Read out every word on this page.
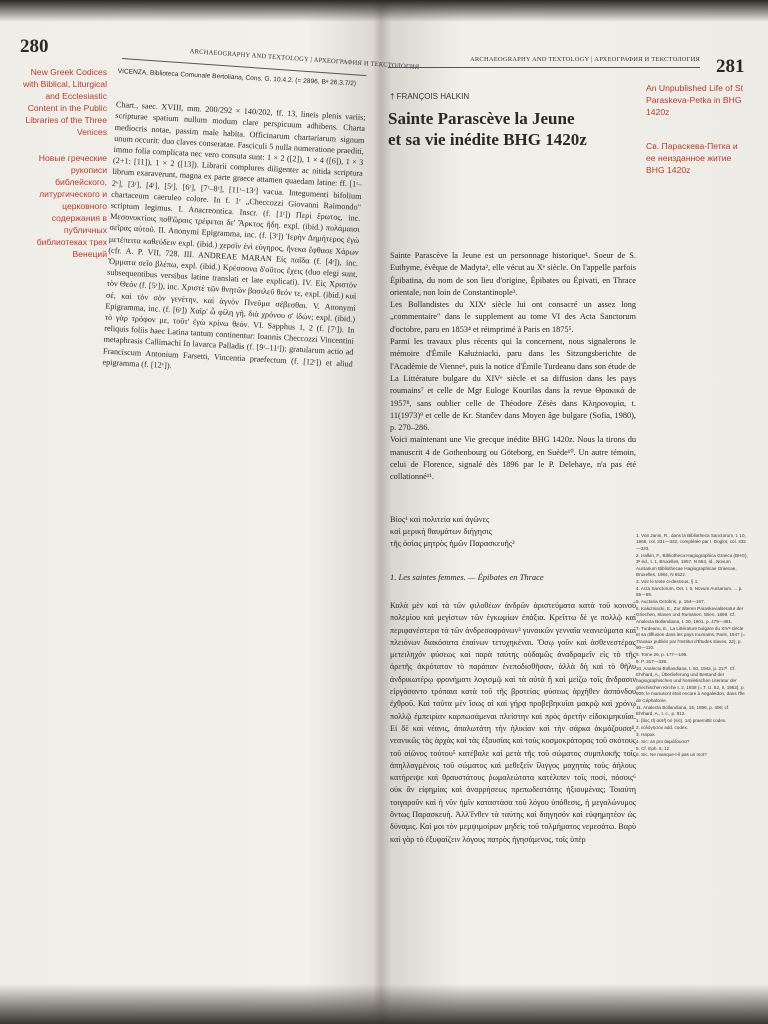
280
ARCHAEOGRAPHY AND TEXTOLOGY | АРХЕОГРАФИЯ И ТЕКСТОЛОГИЯ
New Greek Codices with Biblical, Liturgical and Ecclesiastic Content in the Public Libraries of the Three Venices
Новые греческие рукописи библейского, литургического и церковного содержания в публичных библиотеках трех Венеций
VICENZA, Biblioteca Comunale Bertoliana, Cons. G. 10.4.2. (= 2896, Bᵊ 26.3.7/2)

Chart., saec. XVIII, mm. 200/292 × 140/202, ff. 13, lineis plenis variis; scripturae spatium nullum modum clare perspicuum adhibens. Charta mediocris notae, passim male habita. Officinarum chartariarum signum unum occurit: duo claves conseratae. Fasciculi 5 nulla numeratione praediti, immo folia complicata nec vero consuta sunt: 1 × 2 ([2]), 1 × 4 ([6]), 1 × 3 (2+1: [11]), 1 × 2 ([13]). Librarii complures diligenter ac nitida scriptura librum exaraverunt, magna ex parte graece attamen quaedam latine: ff. [1ʳ–2ᵛ], [3ʳ], [4ʳ], [5ʳ], [6ʳ], [7ʳ–8ʳ], [11ʳ–13ʳ] vacua. Integumenti bifolium chartaceum caeruleo colore. In f. 1ʳ „Checcozzi Giovanni Raimondo" scriptum legimus. I. Anacreontica. Inscr. (f. [1ʳ]) Περὶ ἔρωτος, inc. Μεσονυκτίοις ποθ'ὥραις τρέφεται δε' Ἄρκτος ἤδη. expl. (ibid.) πυλάμαισι σεῖρας αὐτοῦ. II. Anonymi Epigramma, inc. (f. [3ʳ]) Ἱερὴν Δημήτερος ἐγὼ μετέπειτα καθεύδειν expl. (ibid.) χερσὶν ἐνὶ εὐγηρος, ἤνεκα ἔφθασε Χάρων (cfr. A. P. VII, 728. III. ANDREAE MARAN Εἰς παῖδα (f. [4ʳ]), inc. Ὄμματα σεῖο βλέπω, expl. (ibid.) Κρέσσονα δ'οὔτος ἔχεις (duo elegi sunt, subsequentibus versibus latine translati et late explicati). IV. Εἰς Χριστὸν τὸν Θεόν (f. [5ʳ]), inc. Χριστὲ τῶν θνητῶν βασιλεῦ θεόν τε, expl. (ibid.) καὶ σέ, καὶ τὸν σὸν γενέτην, καὶ ἁγνὸν Πνεῦμα σέβεσθαι. V. Anonymi Epigramma, inc. (f. [6ʳ]) Χαῖρ' ὦ φίλη γῆ, διὰ χρόνου σ' ἰδών; expl. (ibid.) τὸ γὰρ τρόφον με, τοῦτ' ἐγὼ κρίνω θεόν. VI. Sapphus 1, 2 (f. [7ʳ]). In reliquis foliis haec Latina tantum continentur: Ioannis Checcozzi Vincentini metaphrasis Callimachi In lavarca Palladis (f. [9ʳ–11ʳ]); gratularum actio ad Franciscum Antonium Farsetti, Vincentia praefectum (f. [12ʳ]) et aliud epigramma (f. [12ᵛ]).

281
ARCHAEOGRAPHY AND TEXTOLOGY | АРХЕОГРАФИЯ И ТЕКСТОЛОГИЯ
An Unpublished Life of St Paraskeva-Petka in BHG 1420z
Св. Параскева-Петка и ее неизданное житие BHG 1420z
† FRANÇOIS HALKIN
Sainte Parascève la Jeune
et sa vie inédite BHG 1420z

Sainte Parascève la Jeune est un personnage historique¹. Soeur de S. Euthyme, évêque de Madyta², elle vécut au Xᵉ siècle. On l'appelle parfois Épibatina, du nom de son lieu d'origine, Épibates ou Épivati, en Thrace orientale, non loin de Constantinople³.

Les Bollandistes du XIXᵉ siècle lui ont consacré un assez long „commentaire" dans le supplement au tome VI des Acta Sanctorum d'octobre, paru en 1853⁴ et réimprimé à Paris en 1875⁵.

Parmi les travaux plus récents qui la concernent, nous signalerons le mémoire d'Émile Kałużniacki, paru dans les Sitzungsberichte de l'Académie de Vienne⁶, puis la notice d'Émile Turdeanu dans son étude de La Littérature bulgare du XIVᵉ siècle et sa diffusion dans les pays roumains⁷ et celle de Mgr Euloge Kourilas dans la revue Θρακικά de 1957⁸, sans oublier celle de Théodore Zésès dans Κληρονομία, t. 11(1973)⁹ et celle de Kr. Stančev dans Moyen âge bulgare (Sofia, 1980), p. 270–286.

Voici maintenant une Vie grecque inédite BHG 1420z. Nous la tirons du manuscrit 4 de Gothenbourg ou Göteborg, en Suède¹⁰. Un autre témoin, celui de Florence, signalé dès 1896 par le P. Delehaye, n'a pas été collationné¹¹.

Βίος¹ καὶ πολιτεία καὶ ἀγῶνες
καὶ μερικὴ θαυμάτων διήγησις
τῆς ὁσίας μητρὸς ἡμῶν Παρασκευῆς²
1. Les saintes femmes. — Épibates en Thrace

Καλὰ μὲν καὶ τὰ τῶν φιλοθέων ἀνδρῶν ἀριστεύματα κατὰ τοῦ κοινοῦ πολεμίου καὶ μεγίστων τῶν ἐγκωμίων ἐπάξια. Κρεῖττω δὲ γε πολλῷ καὶ περιφανέστερα τὰ τῶν ἀνδρεσοφρόνων³ γυναικῶν γενναῖα νεανιεύματα καὶ πλειόνων διακόσατα ἐπαίνων τετυχηκέναι. Ὅσῳ γοῦν καὶ ἀσθενεστέρας μετειληχόν φύσεως καὶ παρὰ ταύτης οὐδαμῶς ἀναδραμεῖν εἰς τὸ τῆς ἀρετῆς ἀκρότατον τὸ παράπαν ἐνεποδισθῆσαν, ἀλλὰ δὴ καὶ τὸ θῆλυ ἀνδρικωτέρῳ φρονήματι λογισμῷ καὶ τὰ αὐτὰ ἢ καὶ μείζω τοῖς ἄνδρασιν εἰργάσαντο τρόπαια κατὰ τοῦ τῆς βροτείας φύσεως ἀρχήθεν ἀσπόνδου ἐχθροῦ. Καὶ ταῦτα μὲν ἴσως αἱ καὶ γήρᾳ προβεβηκυῖαι μακρῷ καὶ χρόνῳ πολλῷ ἐμπειρίαν καρπωσάμεναι πλείστην καὶ πρὸς ἀρετὴν εἰδοκιμηκυῖαι. Εἰ δὲ καὶ νέανις, ἀπαλωτάτη τὴν ἡλικίαν καὶ τὴν σάρκα ἀκμάζουσα⁴, νεανικῶς τὰς ἀρχὰς καὶ τὰς ἐξουσίας καὶ τοὺς κοσμοκράτορας τοῦ σκότους τοῦ αἰῶνος τούτου⁵ κατέβαλε καὶ μετὰ τῆς τοῦ σώματος συμπλοκῆς τοῖς ἀπηλλαγμένοις τοῦ σώματος καὶ μεθεξεῖν ἴλιγγος μαχητὰς τοὺς ἀήλους κατήρειψε καὶ θραυστάτους ῥωμαλεώτατα κατέλιπεν τοῖς ποσί, πόσοις⁶ οὐκ ἂν εἰφημίας καὶ ἀναρρήσεως πρεπωδεστάτης ἠξιουμένας; Τοιαύτη τοιγαροῦν καὶ ἡ νῦν ἡμῖν καταστάσα τοῦ λόγου ὑπόθεσις, ἡ μεγαλώνυμος ὄντως Παρασκευή. Ἀλλ'ἔνθεν τὰ ταύτης καὶ διηγησόν καὶ εὐφημητέον ὡς δύναμις. Καὶ μοι τὸν μεμψιμοίρων μηδεὶς τοῦ τολμήματος νεμεσάτω. Βαρὺ καὶ γὰρ τὸ ἐξυφαίζειν λόγους πατρὸς ἡγησάμενος, τοῖς ὑπὲρ

1. Voir Janin, R., dans la Bibliotheca Sanctorum, t. 10, 1968, col. 331—332, complétée par I. Doglot, col. 332—333.
2. Halkin, F., Bibliotheca Hagiographica Graeca (BHG), 3ᵉ éd., t. 1, Bruxelles, 1957, N 654, Id., Novum Auctarium Bibliothecae Hagiographicae Graecae, Bruxelles, 1984, N 652z.
3. Voir le texte ci-dessous, § 1.
4. Acta Sanctorum, Oct. t. 6, Novum Auctarium, ... p. 55—69.
5. Auctaria Octobris, p. 154—167.
6. Kałużniacki, E., Zur älteren Paraskevialiteratur der Griechen, Slaven und Rumänen, Wien, 1899. Cf. Analecta Bollandiana, t. 20, 1901, p. 479—481.
7. Turdeanu, E., La Littérature bulgare du XIVᵉ siècle et sa diffusion dans les pays roumains, Paris, 1947 (= Travaux publiés par l'Institut d'Études slaves, 22), p. 90—110.
8. Tome 26, p. 177—196.
9. P. 317—339.
10. Analecta Bollandiana, t. 60, 1942, p. 217ᶠ. Cf. Ehrhard, A., Überlieferung und Bestand der hagiographischen und homiletischen Literatur der griechischen Kirche t. 2, 1938 (= T. U. 52, II, 1952), p. 909; le manuscrit était encore à Aegaleidon, dans l'Île de Céphalonie.
11. Analecta Bollandiana, 15, 1896, p. 406; cf. Ehrhard, A., t. c., p. 912.
1. βίος τῆ αὐτῆ οὐ (sic). 14) praemittit codex.
2. εὐλόγησον add. codex.
3. Hapax.
4. Sic: an pro ἀκμάζουσα?
5. Cf. Eph. 6, 12.
6. Sic. Ne manque-t-il pas un mot?
